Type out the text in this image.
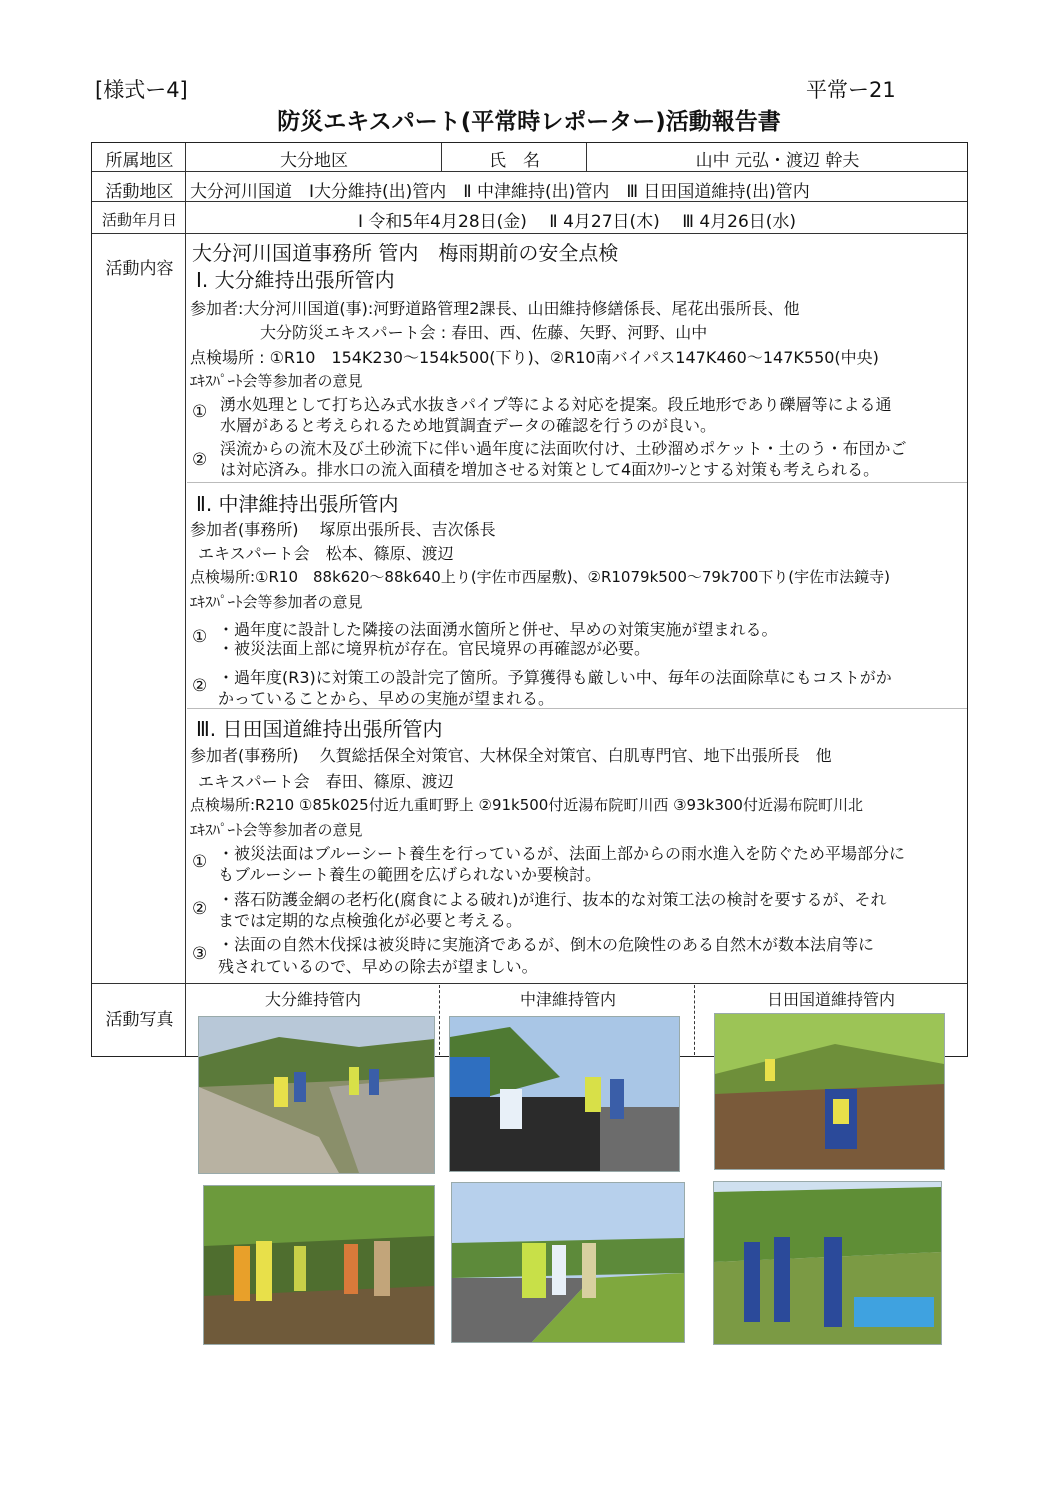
[様式ー4]	平常ー21
防災エキスパート(平常時レポーター)活動報告書
所属地区	大分地区	氏　名	山中 元弘・渡辺 幹夫
活動地区 大分河川国道　Ⅰ大分維持(出)管内　Ⅱ 中津維持(出)管内　Ⅲ 日田国道維持(出)管内
活動年月日	Ⅰ 令和5年4月28日(金)　 Ⅱ 4月27日(木)　 Ⅲ 4月26日(水)
活動内容
大分河川国道事務所 管内　梅雨期前の安全点検
Ⅰ. 大分維持出張所管内
参加者:大分河川国道(事):河野道路管理2課長、山田維持修繕係長、尾花出張所長、他
大分防災エキスパート会 : 春田、西、佐藤、矢野、河野、山中
点検場所 : ①R10　154K230〜154k500(下り)、②R10南バイパス147K460〜147K550(中央)
ｴｷｽﾊﾟｰﾄ会等参加者の意見
① 湧水処理として打ち込み式水抜きパイプ等による対応を提案。段丘地形であり礫層等による通
水層があると考えられるため地質調査データの確認を行うのが良い。
②
渓流からの流木及び土砂流下に伴い過年度に法面吹付け、土砂溜めポケット・土のう・布団かご
は対応済み。排水口の流入面積を増加させる対策として4面ｽｸﾘｰﾝとする対策も考えられる。
Ⅱ. 中津維持出張所管内
参加者(事務所)　 塚原出張所長、吉次係長
エキスパート会　松本、篠原、渡辺
点検場所:①R10　88k620〜88k640上り(宇佐市西屋敷)、②R1079k500〜79k700下り(宇佐市法鏡寺)
ｴｷｽﾊﾟｰﾄ会等参加者の意見
① ・過年度に設計した隣接の法面湧水箇所と併せ、早めの対策実施が望まれる。
・被災法面上部に境界杭が存在。官民境界の再確認が必要。
② ・過年度(R3)に対策工の設計完了箇所。予算獲得も厳しい中、毎年の法面除草にもコストがか
かっていることから、早めの実施が望まれる。
Ⅲ. 日田国道維持出張所管内
参加者(事務所)　 久賀総括保全対策官、大林保全対策官、白肌専門官、地下出張所長　他
エキスパート会　春田、篠原、渡辺
点検場所:R210 ①85k025付近九重町野上 ②91k500付近湯布院町川西 ③93k300付近湯布院町川北
ｴｷｽﾊﾟｰﾄ会等参加者の意見
① ・被災法面はブルーシート養生を行っているが、法面上部からの雨水進入を防ぐため平場部分に
もブルーシート養生の範囲を広げられないか要検討。
② ・落石防護金網の老朽化(腐食による破れ)が進行、抜本的な対策工法の検討を要するが、それ
までは定期的な点検強化が必要と考える。
③ ・法面の自然木伐採は被災時に実施済であるが、倒木の危険性のある自然木が数本法肩等に
残されているので、早めの除去が望ましい。
活動写真
大分維持管内	中津維持管内	日田国道維持管内
